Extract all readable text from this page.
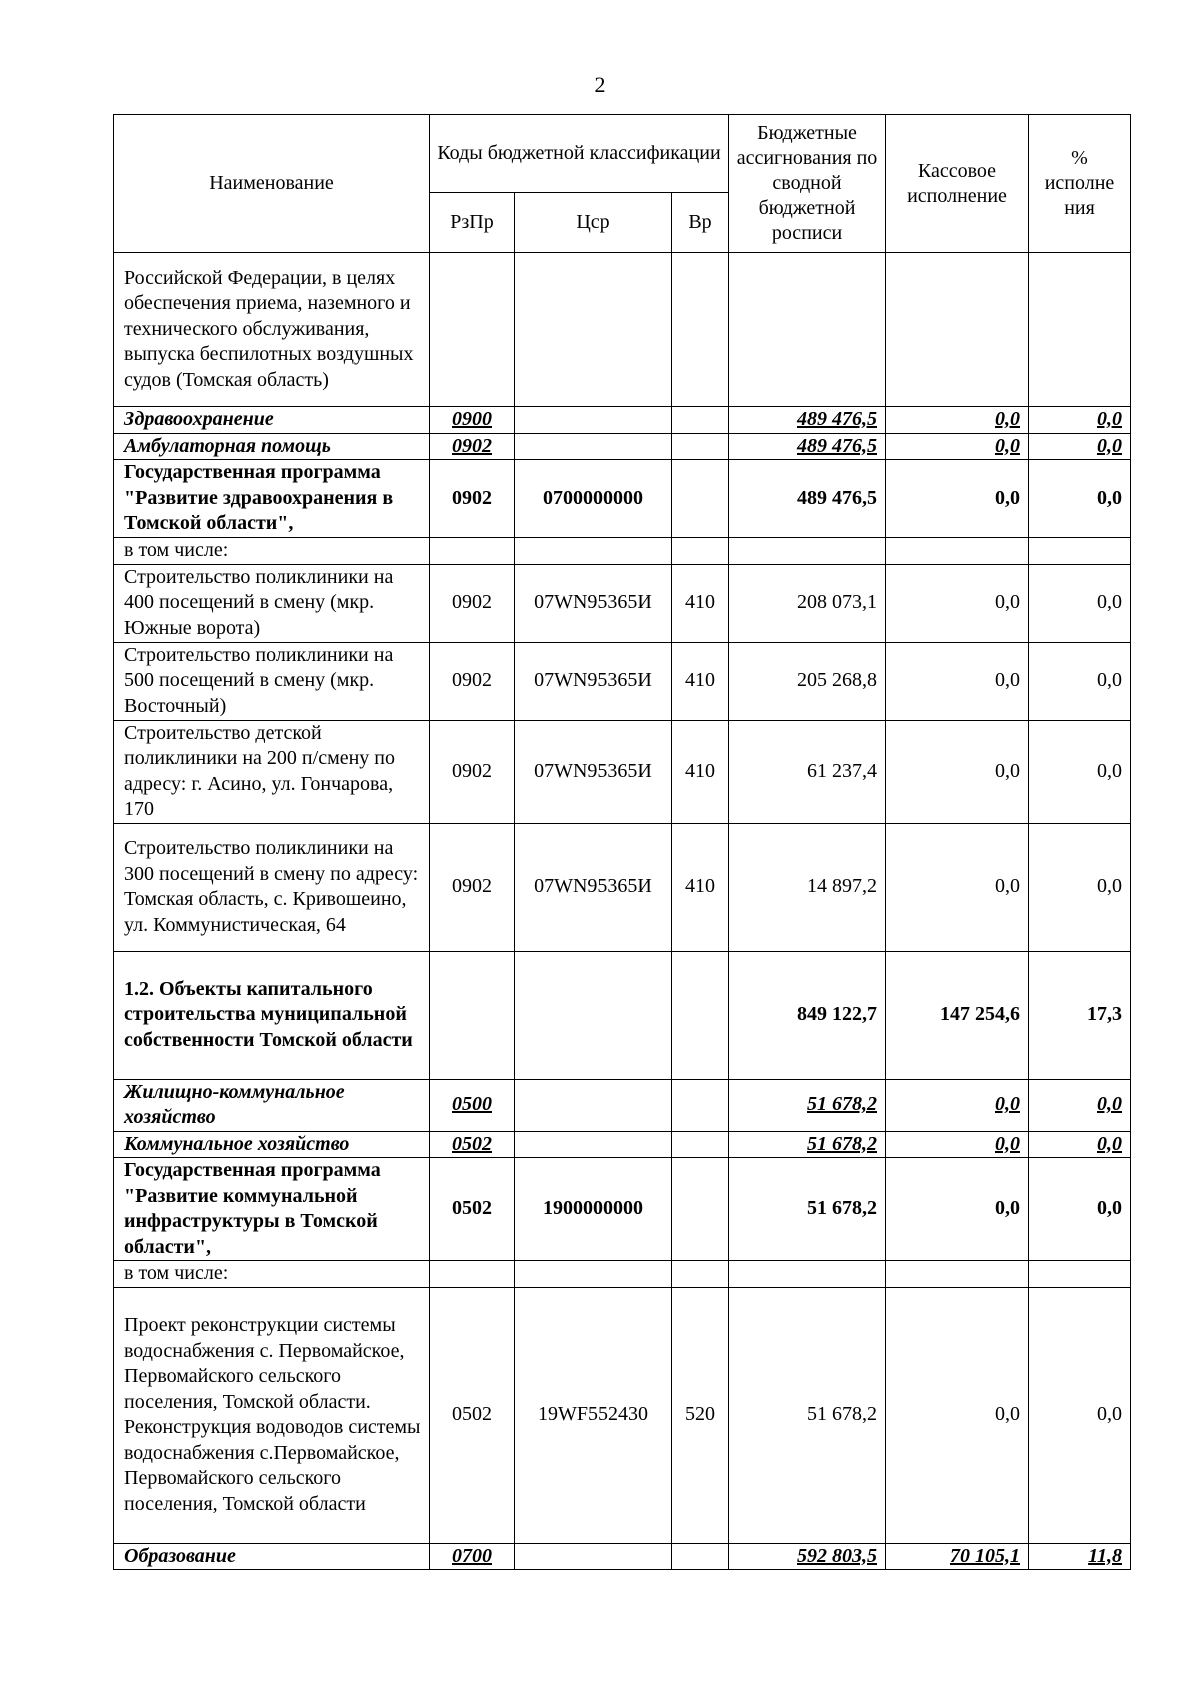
2
Наименование	Коды бюджетной классификации			Бюджетные ассигнования по сводной бюджетной росписи	Кассовое исполнение	% исполне ния
	РзПр	Цср	Вр			
Российской Федерации, в целях обеспечения приема, наземного и технического обслуживания, выпуска беспилотных воздушных судов (Томская область)						
Здравоохранение	0900			489 476,5	0,0	0,0
Амбулаторная помощь	0902			489 476,5	0,0	0,0
Государственная программа "Развитие здравоохранения в Томской области",	0902	0700000000		489 476,5	0,0	0,0
в том числе:						
Строительство поликлиники на 400 посещений в смену (мкр. Южные ворота)	0902	07WN95365И	410	208 073,1	0,0	0,0
Строительство поликлиники на 500 посещений в смену (мкр. Восточный)	0902	07WN95365И	410	205 268,8	0,0	0,0
Строительство детской поликлиники на 200 п/смену по адресу: г. Асино, ул. Гончарова, 170	0902	07WN95365И	410	61 237,4	0,0	0,0
Строительство поликлиники на 300 посещений в смену по адресу: Томская область, с. Кривошеино, ул. Коммунистическая, 64	0902	07WN95365И	410	14 897,2	0,0	0,0
1.2. Объекты капитального строительства муниципальной собственности Томской области				849 122,7	147 254,6	17,3
Жилищно-коммунальное хозяйство	0500			51 678,2	0,0	0,0
Коммунальное хозяйство	0502			51 678,2	0,0	0,0
Государственная программа "Развитие коммунальной инфраструктуры в Томской области",	0502	1900000000		51 678,2	0,0	0,0
в том числе:						
Проект реконструкции системы водоснабжения с. Первомайское, Первомайского сельского поселения, Томской области. Реконструкция водоводов системы водоснабжения с.Первомайское, Первомайского сельского поселения, Томской области	0502	19WF552430	520	51 678,2	0,0	0,0
Образование	0700			592 803,5	70 105,1	11,8
